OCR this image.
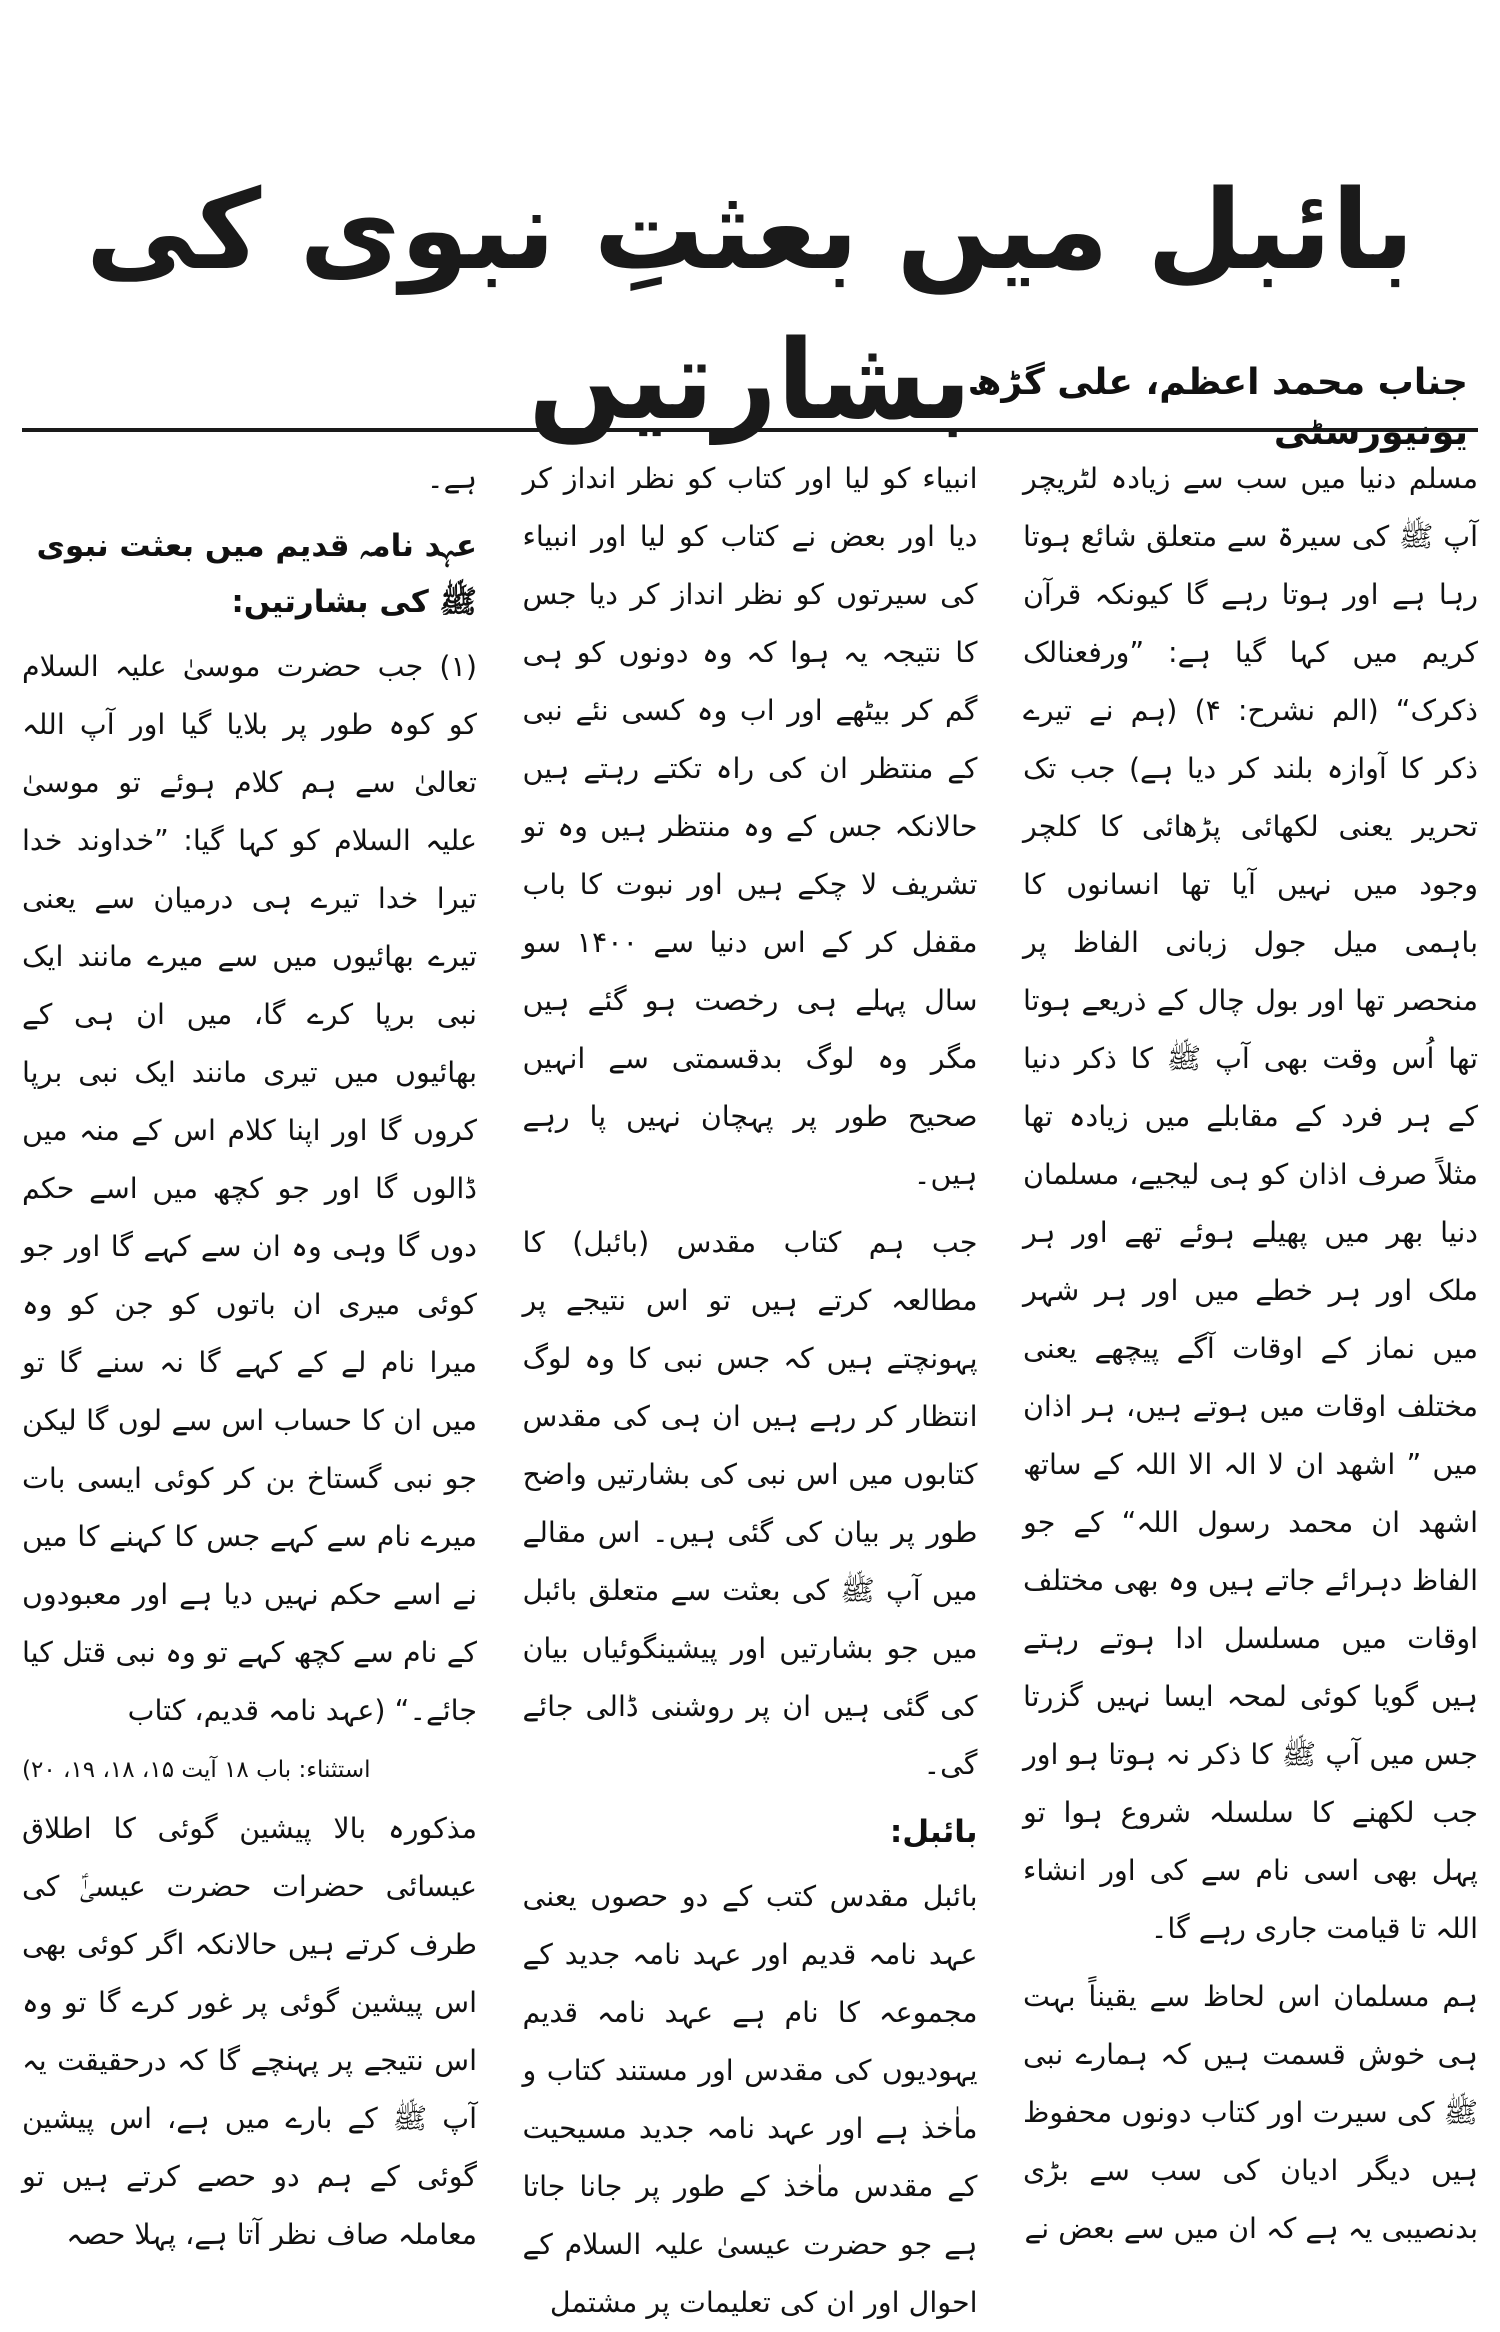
بائبل میں بعثتِ نبوی کی بشارتیں
جناب محمد اعظم، علی گڑھ یونیورسٹی

مسلم دنیا میں سب سے زیادہ لٹریچر آپ ﷺ کی سیرۃ سے متعلق شائع ہوتا رہا ہے اور ہوتا رہے گا کیونکہ قرآن کریم میں کہا گیا ہے: ”ورفعنالک ذکرک“ (الم نشرح: ۴) (ہم نے تیرے ذکر کا آوازہ بلند کر دیا ہے) جب تک تحریر یعنی لکھائی پڑھائی کا کلچر وجود میں نہیں آیا تھا انسانوں کا باہمی میل جول زبانی الفاظ پر منحصر تھا اور بول چال کے ذریعے ہوتا تھا اُس وقت بھی آپ ﷺ کا ذکر دنیا کے ہر فرد کے مقابلے میں زیادہ تھا مثلاً صرف اذان کو ہی لیجیے، مسلمان دنیا بھر میں پھیلے ہوئے تھے اور ہر ملک اور ہر خطے میں اور ہر شہر میں نماز کے اوقات آگے پیچھے یعنی مختلف اوقات میں ہوتے ہیں، ہر اذان میں ” اشھد ان لا الہ الا اللہ کے ساتھ اشھد ان محمد رسول اللہ“ کے جو الفاظ دہرائے جاتے ہیں وہ بھی مختلف اوقات میں مسلسل ادا ہوتے رہتے ہیں گویا کوئی لمحہ ایسا نہیں گزرتا جس میں آپ ﷺ کا ذکر نہ ہوتا ہو اور جب لکھنے کا سلسلہ شروع ہوا تو پہل بھی اسی نام سے کی اور انشاء اللہ تا قیامت جاری رہے گا۔

ہم مسلمان اس لحاظ سے یقیناً بہت ہی خوش قسمت ہیں کہ ہمارے نبی ﷺ کی سیرت اور کتاب دونوں محفوظ ہیں دیگر ادیان کی سب سے بڑی بدنصیبی یہ ہے کہ ان میں سے بعض نے

انبیاء کو لیا اور کتاب کو نظر انداز کر دیا اور بعض نے کتاب کو لیا اور انبیاء کی سیرتوں کو نظر انداز کر دیا جس کا نتیجہ یہ ہوا کہ وہ دونوں کو ہی گم کر بیٹھے اور اب وہ کسی نئے نبی کے منتظر ان کی راہ تکتے رہتے ہیں حالانکہ جس کے وہ منتظر ہیں وہ تو تشریف لا چکے ہیں اور نبوت کا باب مقفل کر کے اس دنیا سے ۱۴۰۰ سو سال پہلے ہی رخصت ہو گئے ہیں مگر وہ لوگ بدقسمتی سے انہیں صحیح طور پر پہچان نہیں پا رہے ہیں۔

جب ہم کتاب مقدس (بائبل) کا مطالعہ کرتے ہیں تو اس نتیجے پر پہونچتے ہیں کہ جس نبی کا وہ لوگ انتظار کر رہے ہیں ان ہی کی مقدس کتابوں میں اس نبی کی بشارتیں واضح طور پر بیان کی گئی ہیں۔ اس مقالے میں آپ ﷺ کی بعثت سے متعلق بائبل میں جو بشارتیں اور پیشینگوئیاں بیان کی گئی ہیں ان پر روشنی ڈالی جائے گی۔

بائبل:

بائبل مقدس کتب کے دو حصوں یعنی عہد نامہ قدیم اور عہد نامہ جدید کے مجموعہ کا نام ہے عہد نامہ قدیم یہودیوں کی مقدس اور مستند کتاب و ماٰخذ ہے اور عہد نامہ جدید مسیحیت کے مقدس ماٰخذ کے طور پر جانا جاتا ہے جو حضرت عیسیٰ علیہ السلام کے احوال اور ان کی تعلیمات پر مشتمل

ہے۔

عہد نامہ قدیم میں بعثت نبوی ﷺ کی بشارتیں:

(۱) جب حضرت موسیٰ علیہ السلام کو کوہ طور پر بلایا گیا اور آپ اللہ تعالیٰ سے ہم کلام ہوئے تو موسیٰ علیہ السلام کو کہا گیا: ”خداوند خدا تیرا خدا تیرے ہی درمیان سے یعنی تیرے بھائیوں میں سے میرے مانند ایک نبی برپا کرے گا، میں ان ہی کے بھائیوں میں تیری مانند ایک نبی برپا کروں گا اور اپنا کلام اس کے منہ میں ڈالوں گا اور جو کچھ میں اسے حکم دوں گا وہی وہ ان سے کہے گا اور جو کوئی میری ان باتوں کو جن کو وہ میرا نام لے کے کہے گا نہ سنے گا تو میں ان کا حساب اس سے لوں گا لیکن جو نبی گستاخ بن کر کوئی ایسی بات میرے نام سے کہے جس کا کہنے کا میں نے اسے حکم نہیں دیا ہے اور معبودوں کے نام سے کچھ کہے تو وہ نبی قتل کیا جائے۔“ (عہد نامہ قدیم، کتاب

استثناء: باب ۱۸ آیت ۱۵، ۱۸، ۱۹، ۲۰)

مذکورہ بالا پیشین گوئی کا اطلاق عیسائی حضرات حضرت عیسیٰؑ کی طرف کرتے ہیں حالانکہ اگر کوئی بھی اس پیشین گوئی پر غور کرے گا تو وہ اس نتیجے پر پہنچے گا کہ درحقیقت یہ آپ ﷺ کے بارے میں ہے، اس پیشین گوئی کے ہم دو حصے کرتے ہیں تو معاملہ صاف نظر آتا ہے، پہلا حصہ
